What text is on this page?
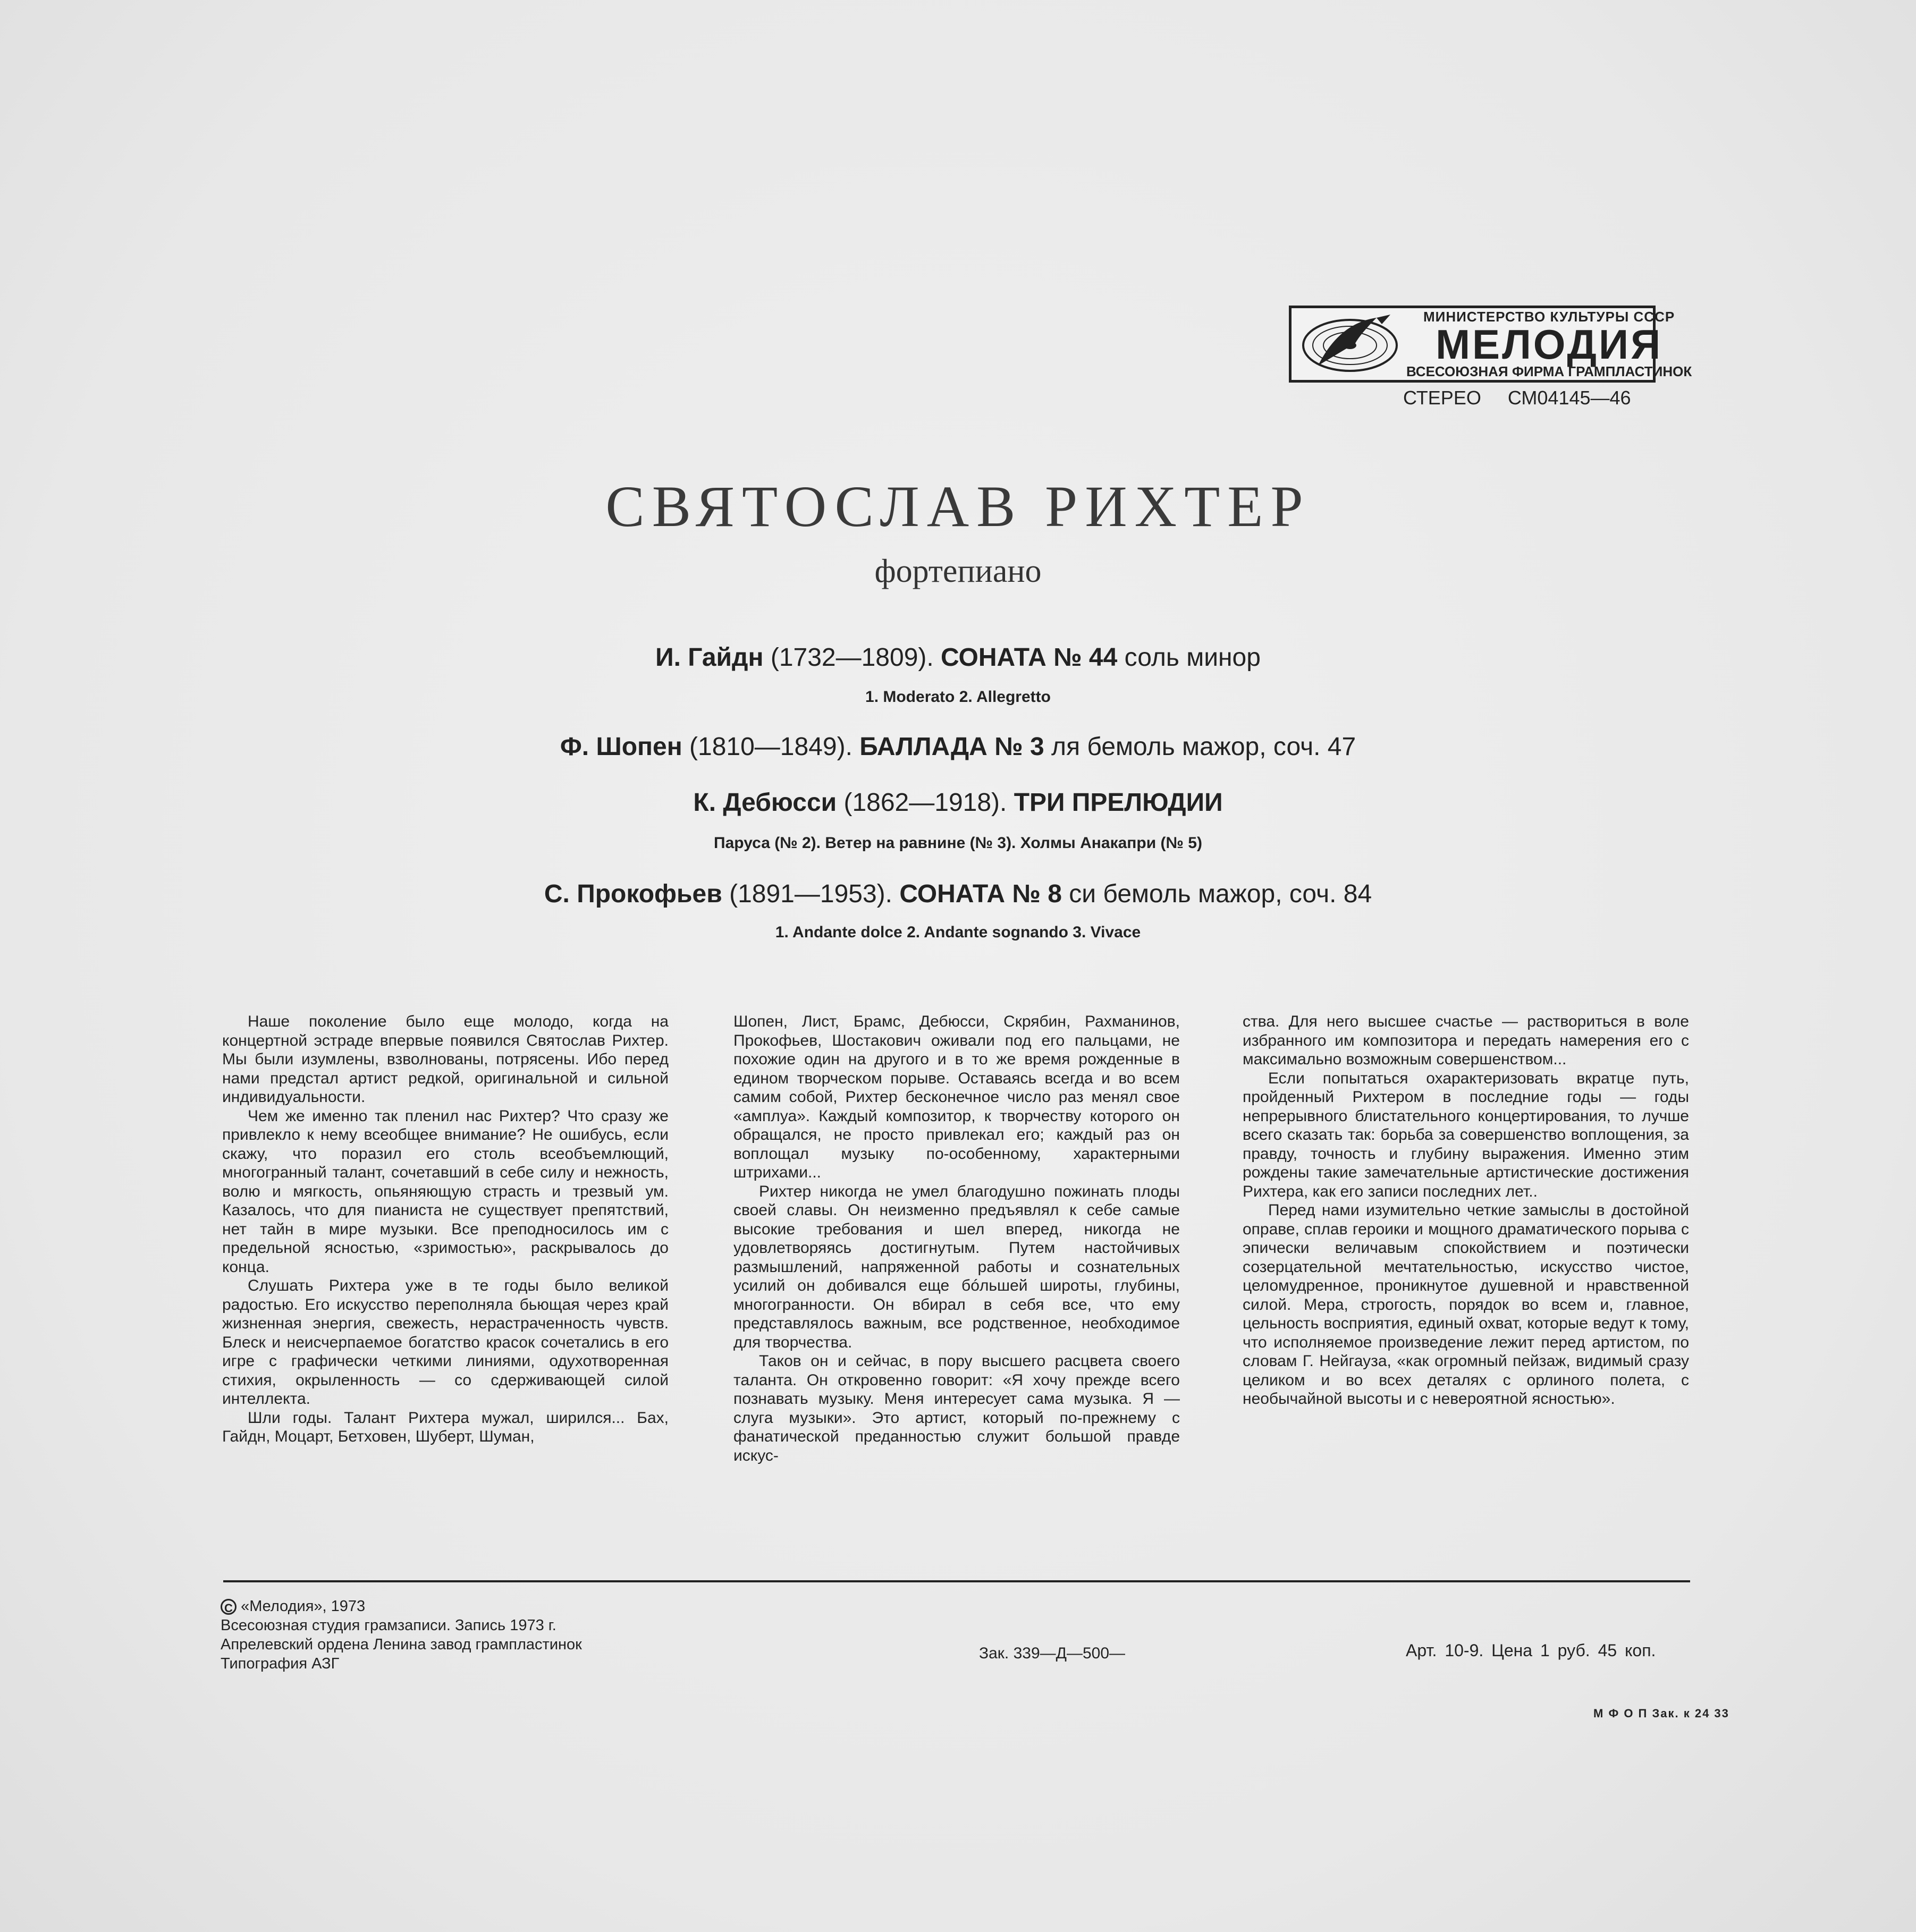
МИНИСТЕРСТВО КУЛЬТУРЫ СССР
МЕЛОДИЯ
ВСЕСОЮЗНАЯ ФИРМА ГРАМПЛАСТИНОК
СТЕРЕО СМ04145—46
СВЯТОСЛАВ РИХТЕР
фортепиано
И. Гайдн (1732—1809). СОНАТА № 44 соль минор
1. Moderato 2. Allegretto
Ф. Шопен (1810—1849). БАЛЛАДА № 3 ля бемоль мажор, соч. 47
К. Дебюсси (1862—1918). ТРИ ПРЕЛЮДИИ
Паруса (№ 2). Ветер на равнине (№ 3). Холмы Анакапри (№ 5)
С. Прокофьев (1891—1953). СОНАТА № 8 си бемоль мажор, соч. 84
1. Andante dolce 2. Andante sognando 3. Vivace

Наше поколение было еще молодо, когда на концертной эстраде впервые появился Святослав Рихтер. Мы были изумлены, взволнованы, потрясены. Ибо перед нами предстал артист редкой, оригинальной и сильной индивидуальности.

Чем же именно так пленил нас Рихтер? Что сразу же привлекло к нему всеобщее внимание? Не ошибусь, если скажу, что поразил его столь всеобъемлющий, многогранный талант, сочетавший в себе силу и нежность, волю и мягкость, опьяняющую страсть и трезвый ум. Казалось, что для пианиста не существует препятствий, нет тайн в мире музыки. Все преподносилось им с предельной ясностью, «зримостью», раскрывалось до конца.

Слушать Рихтера уже в те годы было великой радостью. Его искусство переполняла бьющая через край жизненная энергия, свежесть, нерастраченность чувств. Блеск и неисчерпаемое богатство красок сочетались в его игре с графически четкими линиями, одухотворенная стихия, окрыленность — со сдерживающей силой интеллекта.

Шли годы. Талант Рихтера мужал, ширился... Бах, Гайдн, Моцарт, Бетховен, Шуберт, Шуман,

Шопен, Лист, Брамс, Дебюсси, Скрябин, Рахманинов, Прокофьев, Шостакович оживали под его пальцами, не похожие один на другого и в то же время рожденные в едином творческом порыве. Оставаясь всегда и во всем самим собой, Рихтер бесконечное число раз менял свое «амплуа». Каждый композитор, к творчеству которого он обращался, не просто привлекал его; каждый раз он воплощал музыку по-особенному, характерными штрихами...

Рихтер никогда не умел благодушно пожинать плоды своей славы. Он неизменно предъявлял к себе самые высокие требования и шел вперед, никогда не удовлетворяясь достигнутым. Путем настойчивых размышлений, напряженной работы и сознательных усилий он добивался еще бóльшей широты, глубины, многогранности. Он вбирал в себя все, что ему представлялось важным, все родственное, необходимое для творчества.

Таков он и сейчас, в пору высшего расцвета своего таланта. Он откровенно говорит: «Я хочу прежде всего познавать музыку. Меня интересует сама музыка. Я — слуга музыки». Это артист, который по-прежнему с фанатической преданностью служит большой правде искус-

ства. Для него высшее счастье — раствориться в воле избранного им композитора и передать намерения его с максимально возможным совершенством...

Если попытаться охарактеризовать вкратце путь, пройденный Рихтером в последние годы — годы непрерывного блистательного концертирования, то лучше всего сказать так: борьба за совершенство воплощения, за правду, точность и глубину выражения. Именно этим рождены такие замечательные артистические достижения Рихтера, как его записи последних лет..

Перед нами изумительно четкие замыслы в достойной оправе, сплав героики и мощного драматического порыва с эпически величавым спокойствием и поэтически созерцательной мечтательностью, искусство чистое, целомудренное, проникнутое душевной и нравственной силой. Мера, строгость, порядок во всем и, главное, цельность восприятия, единый охват, которые ведут к тому, что исполняемое произведение лежит перед артистом, по словам Г. Нейгауза, «как огромный пейзаж, видимый сразу целиком и во всех деталях с орлиного полета, с необычайной высоты и с невероятной ясностью».

C «Мелодия», 1973
Всесоюзная студия грамзаписи. Запись 1973 г.
Апрелевский ордена Ленина завод грампластинок
Типография АЗГ
Зак. 339—Д—500—	Арт. 10-9. Цена 1 руб. 45 коп.
М Ф О П Зак. к 24 33
